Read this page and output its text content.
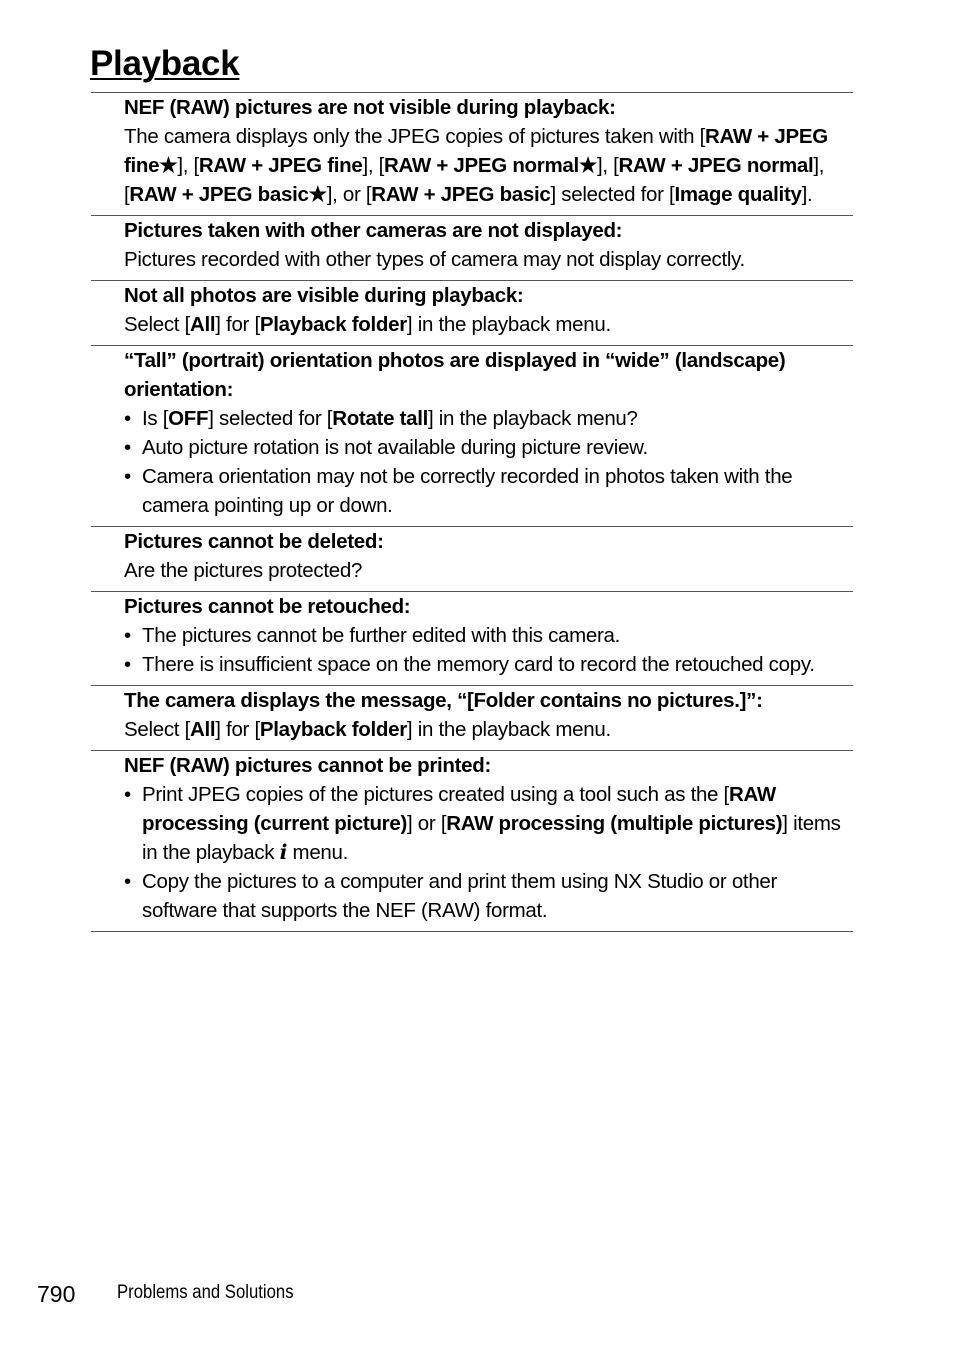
Playback

NEF (RAW) pictures are not visible during playback:

The camera displays only the JPEG copies of pictures taken with [RAW + JPEG fine★], [RAW + JPEG fine], [RAW + JPEG normal★], [RAW + JPEG normal], [RAW + JPEG basic★], or [RAW + JPEG basic] selected for [Image quality].

Pictures taken with other cameras are not displayed:

Pictures recorded with other types of camera may not display correctly.

Not all photos are visible during playback:

Select [All] for [Playback folder] in the playback menu.

“Tall” (portrait) orientation photos are displayed in “wide” (landscape) orientation:

• Is [OFF] selected for [Rotate tall] in the playback menu?
• Auto picture rotation is not available during picture review.
• Camera orientation may not be correctly recorded in photos taken with the camera pointing up or down.

Pictures cannot be deleted:

Are the pictures protected?

Pictures cannot be retouched:

• The pictures cannot be further edited with this camera.
• There is insufficient space on the memory card to record the retouched copy.

The camera displays the message, “[Folder contains no pictures.]”:

Select [All] for [Playback folder] in the playback menu.

NEF (RAW) pictures cannot be printed:

• Print JPEG copies of the pictures created using a tool such as the [RAW processing (current picture)] or [RAW processing (multiple pictures)] items in the playback i menu.
• Copy the pictures to a computer and print them using NX Studio or other software that supports the NEF (RAW) format.
790 Problems and Solutions
